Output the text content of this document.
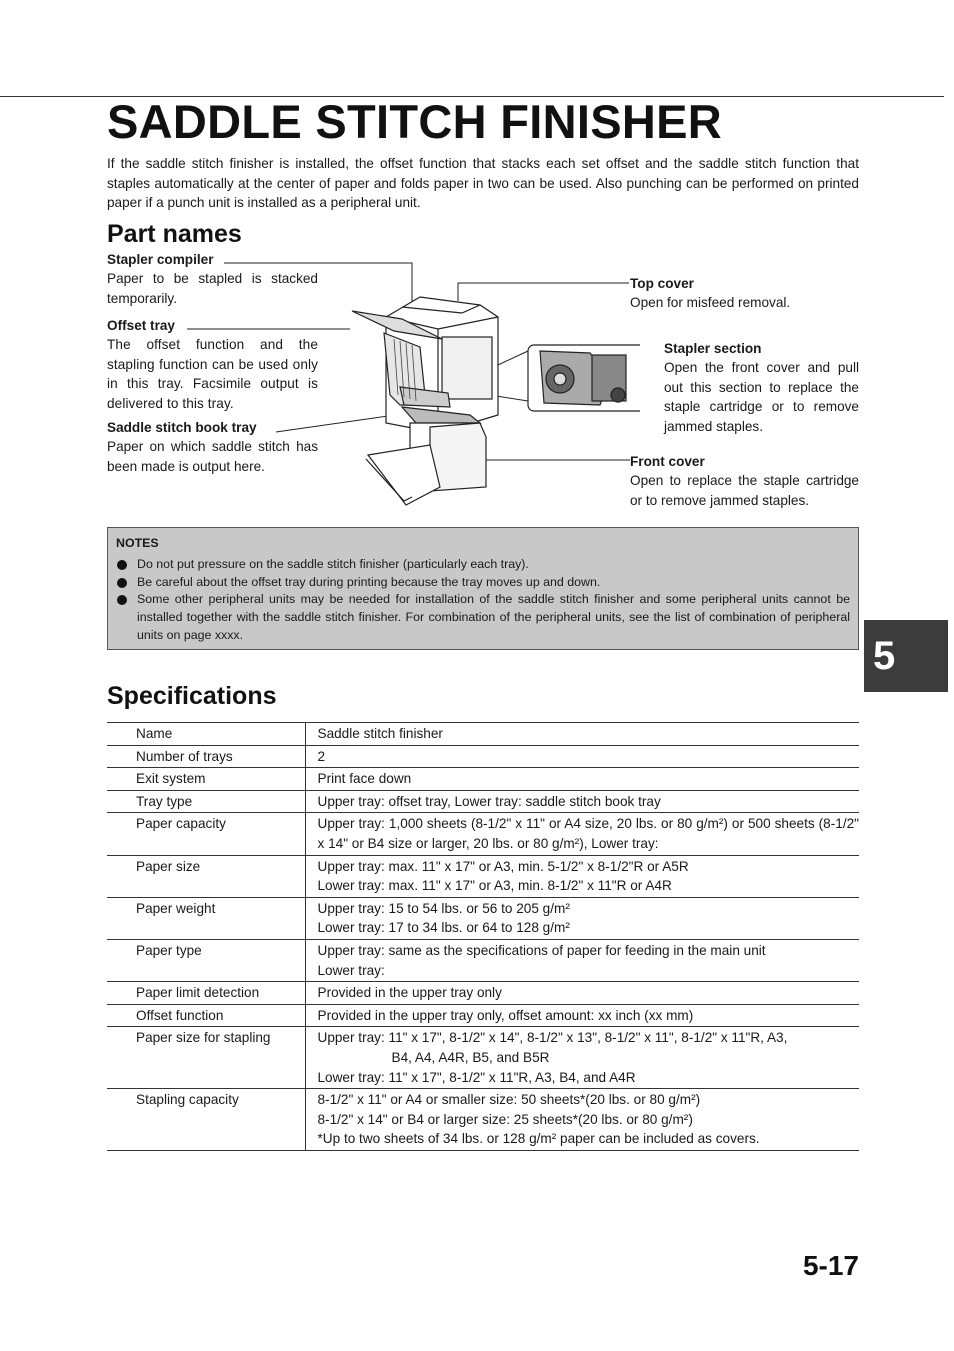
SADDLE STITCH FINISHER

If the saddle stitch finisher is installed, the offset function that stacks each set offset and the saddle stitch function that staples automatically at the center of paper and folds paper in two can be used. Also punching can be performed on printed paper if a punch unit is installed as a peripheral unit.

Part names
Stapler compiler
Paper to be stapled is stacked temporarily.
Offset tray
The offset function and the stapling function can be used only in this tray. Facsimile output is delivered to this tray.
Saddle stitch book tray
Paper on which saddle stitch has been made is output here.
Top cover
Open for misfeed removal.
Stapler section
Open the front cover and pull out this section to replace the staple cartridge or to remove jammed staples.
Front cover
Open to replace the staple cartridge or to remove jammed staples.
NOTES
Do not put pressure on the saddle stitch finisher (particularly each tray).
Be careful about the offset tray during printing because the tray moves up and down.
Some other peripheral units may be needed for installation of the saddle stitch finisher and some peripheral units cannot be installed together with the saddle stitch finisher. For combination of the peripheral units, see the list of combination of peripheral units on page xxxx.	5
Specifications
Name	Saddle stitch finisher

Number of trays	2

Exit system	Print face down

Tray type	Upper tray: offset tray, Lower tray: saddle stitch book tray

Paper capacity	Upper tray: 1,000 sheets (8-1/2" x 11" or A4 size, 20 lbs. or 80 g/m²) or 500 sheets (8-1/2" x 14" or B4 size or larger, 20 lbs. or 80 g/m²), Lower tray:

Paper size	Upper tray: max. 11" x 17" or A3, min. 5-1/2" x 8-1/2"R or A5R
Lower tray: max. 11" x 17" or A3, min. 8-1/2" x 11"R or A4R

Paper weight	Upper tray: 15 to 54 lbs. or 56 to 205 g/m²
Lower tray: 17 to 34 lbs. or 64 to 128 g/m²

Paper type	Upper tray: same as the specifications of paper for feeding in the main unit
Lower tray:

Paper limit detection	Provided in the upper tray only

Offset function	Provided in the upper tray only, offset amount: xx inch (xx mm)

Paper size for stapling	Upper tray: 11" x 17", 8-1/2" x 14", 8-1/2" x 13", 8-1/2" x 11", 8-1/2" x 11"R, A3,
B4, A4, A4R, B5, and B5R
Lower tray: 11" x 17", 8-1/2" x 11"R, A3, B4, and A4R

Stapling capacity	8-1/2" x 11" or A4 or smaller size: 50 sheets*(20 lbs. or 80 g/m²)
8-1/2" x 14" or B4 or larger size: 25 sheets*(20 lbs. or 80 g/m²)
*Up to two sheets of 34 lbs. or 128 g/m² paper can be included as covers.
5-17
